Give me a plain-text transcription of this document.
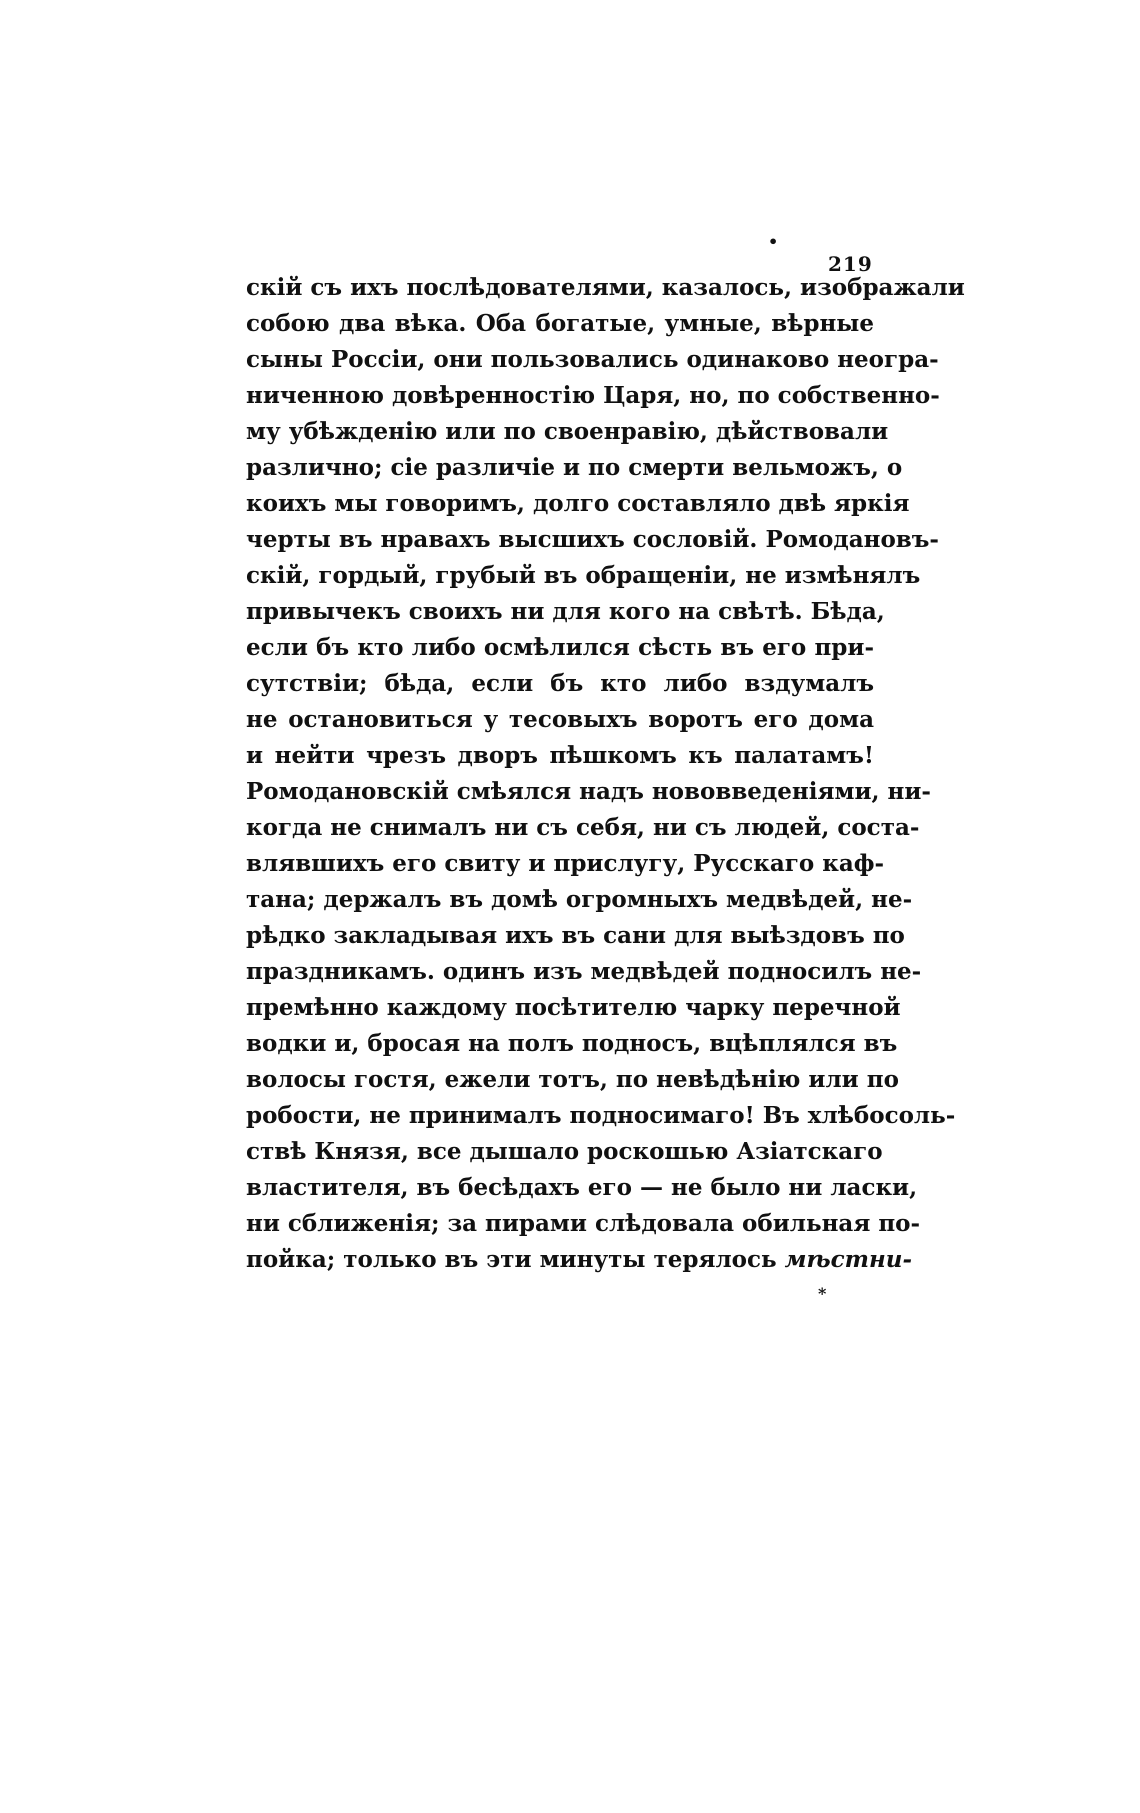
•
219
скій съ ихъ послѣдователями, казалось, изображали
собою два вѣка. Оба богатые, умные, вѣрные
сыны Россіи, они пользовались одинаково неогра-
ниченною довѣренностію Царя, но, по собственно-
му убѣжденію или по своенравію, дѣйствовали
различно; сіе различіе и по смерти вельможъ, о
коихъ мы говоримъ, долго составляло двѣ яркія
черты въ нравахъ высшихъ сословій. Ромодановъ-
скій, гордый, грубый въ обращеніи, не измѣнялъ
привычекъ своихъ ни для кого на свѣтѣ. Бѣда,
если бъ кто либо осмѣлился сѣсть въ его при-
сутствіи; бѣда, если бъ кто либо вздумалъ
не остановиться у тесовыхъ воротъ его дома
и нейти чрезъ дворъ пѣшкомъ къ палатамъ!
Ромодановскій смѣялся надъ нововведеніями, ни-
когда не снималъ ни съ себя, ни съ людей, соста-
влявшихъ его свиту и прислугу, Русскаго каф-
тана; держалъ въ домѣ огромныхъ медвѣдей, не-
рѣдко закладывая ихъ въ сани для выѣздовъ по
праздникамъ. одинъ изъ медвѣдей подносилъ не-
премѣнно каждому посѣтителю чарку перечной
водки и, бросая на полъ подносъ, вцѣплялся въ
волосы гостя, ежели тотъ, по невѣдѣнію или по
робости, не принималъ подносимаго! Въ хлѣбосоль-
ствѣ Князя, все дышало роскошью Азіатскаго
властителя, въ бесѣдахъ его — не было ни ласки,
ни сближенія; за пирами слѣдовала обильная по-
пойка; только въ эти минуты терялось мѣстни-
*
